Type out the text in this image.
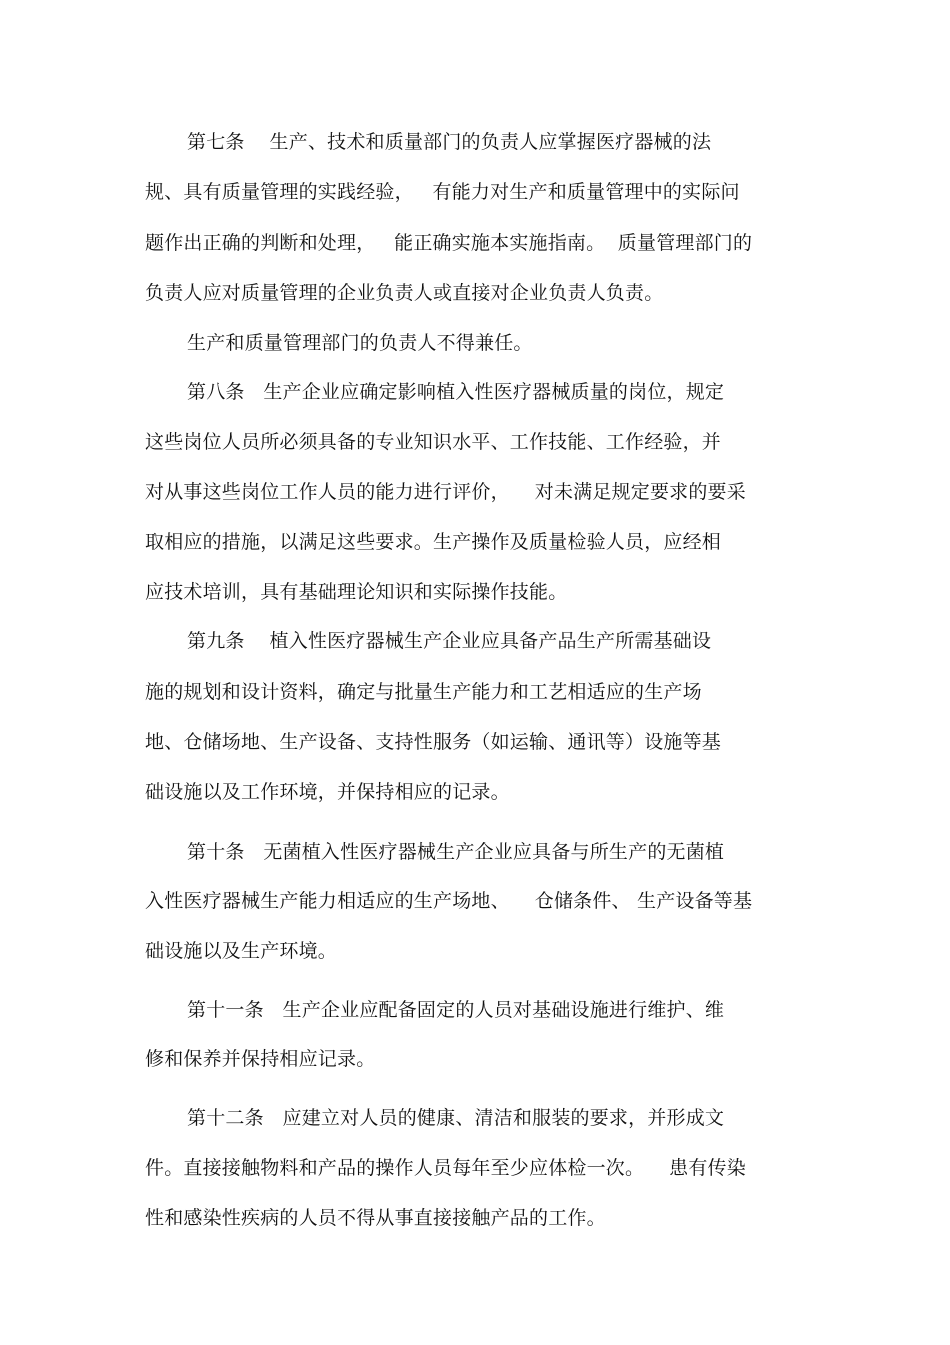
第七条    生产、技术和质量部门的负责人应掌握医疗器械的法
规、具有质量管理的实践经验，   有能力对生产和质量管理中的实际问
题作出正确的判断和处理，   能正确实施本实施指南。  质量管理部门的
负责人应对质量管理的企业负责人或直接对企业负责人负责。
生产和质量管理部门的负责人不得兼任。
第八条   生产企业应确定影响植入性医疗器械质量的岗位，规定
这些岗位人员所必须具备的专业知识水平、工作技能、工作经验，并
对从事这些岗位工作人员的能力进行评价，    对未满足规定要求的要采
取相应的措施，以满足这些要求。生产操作及质量检验人员，应经相
应技术培训，具有基础理论知识和实际操作技能。
第九条    植入性医疗器械生产企业应具备产品生产所需基础设
施的规划和设计资料，确定与批量生产能力和工艺相适应的生产场
地、仓储场地、生产设备、支持性服务（如运输、通讯等）设施等基
础设施以及工作环境，并保持相应的记录。
第十条   无菌植入性医疗器械生产企业应具备与所生产的无菌植
入性医疗器械生产能力相适应的生产场地、    仓储条件、 生产设备等基
础设施以及生产环境。
第十一条   生产企业应配备固定的人员对基础设施进行维护、维
修和保养并保持相应记录。
第十二条   应建立对人员的健康、清洁和服装的要求，并形成文
件。直接接触物料和产品的操作人员每年至少应体检一次。    患有传染
性和感染性疾病的人员不得从事直接接触产品的工作。
